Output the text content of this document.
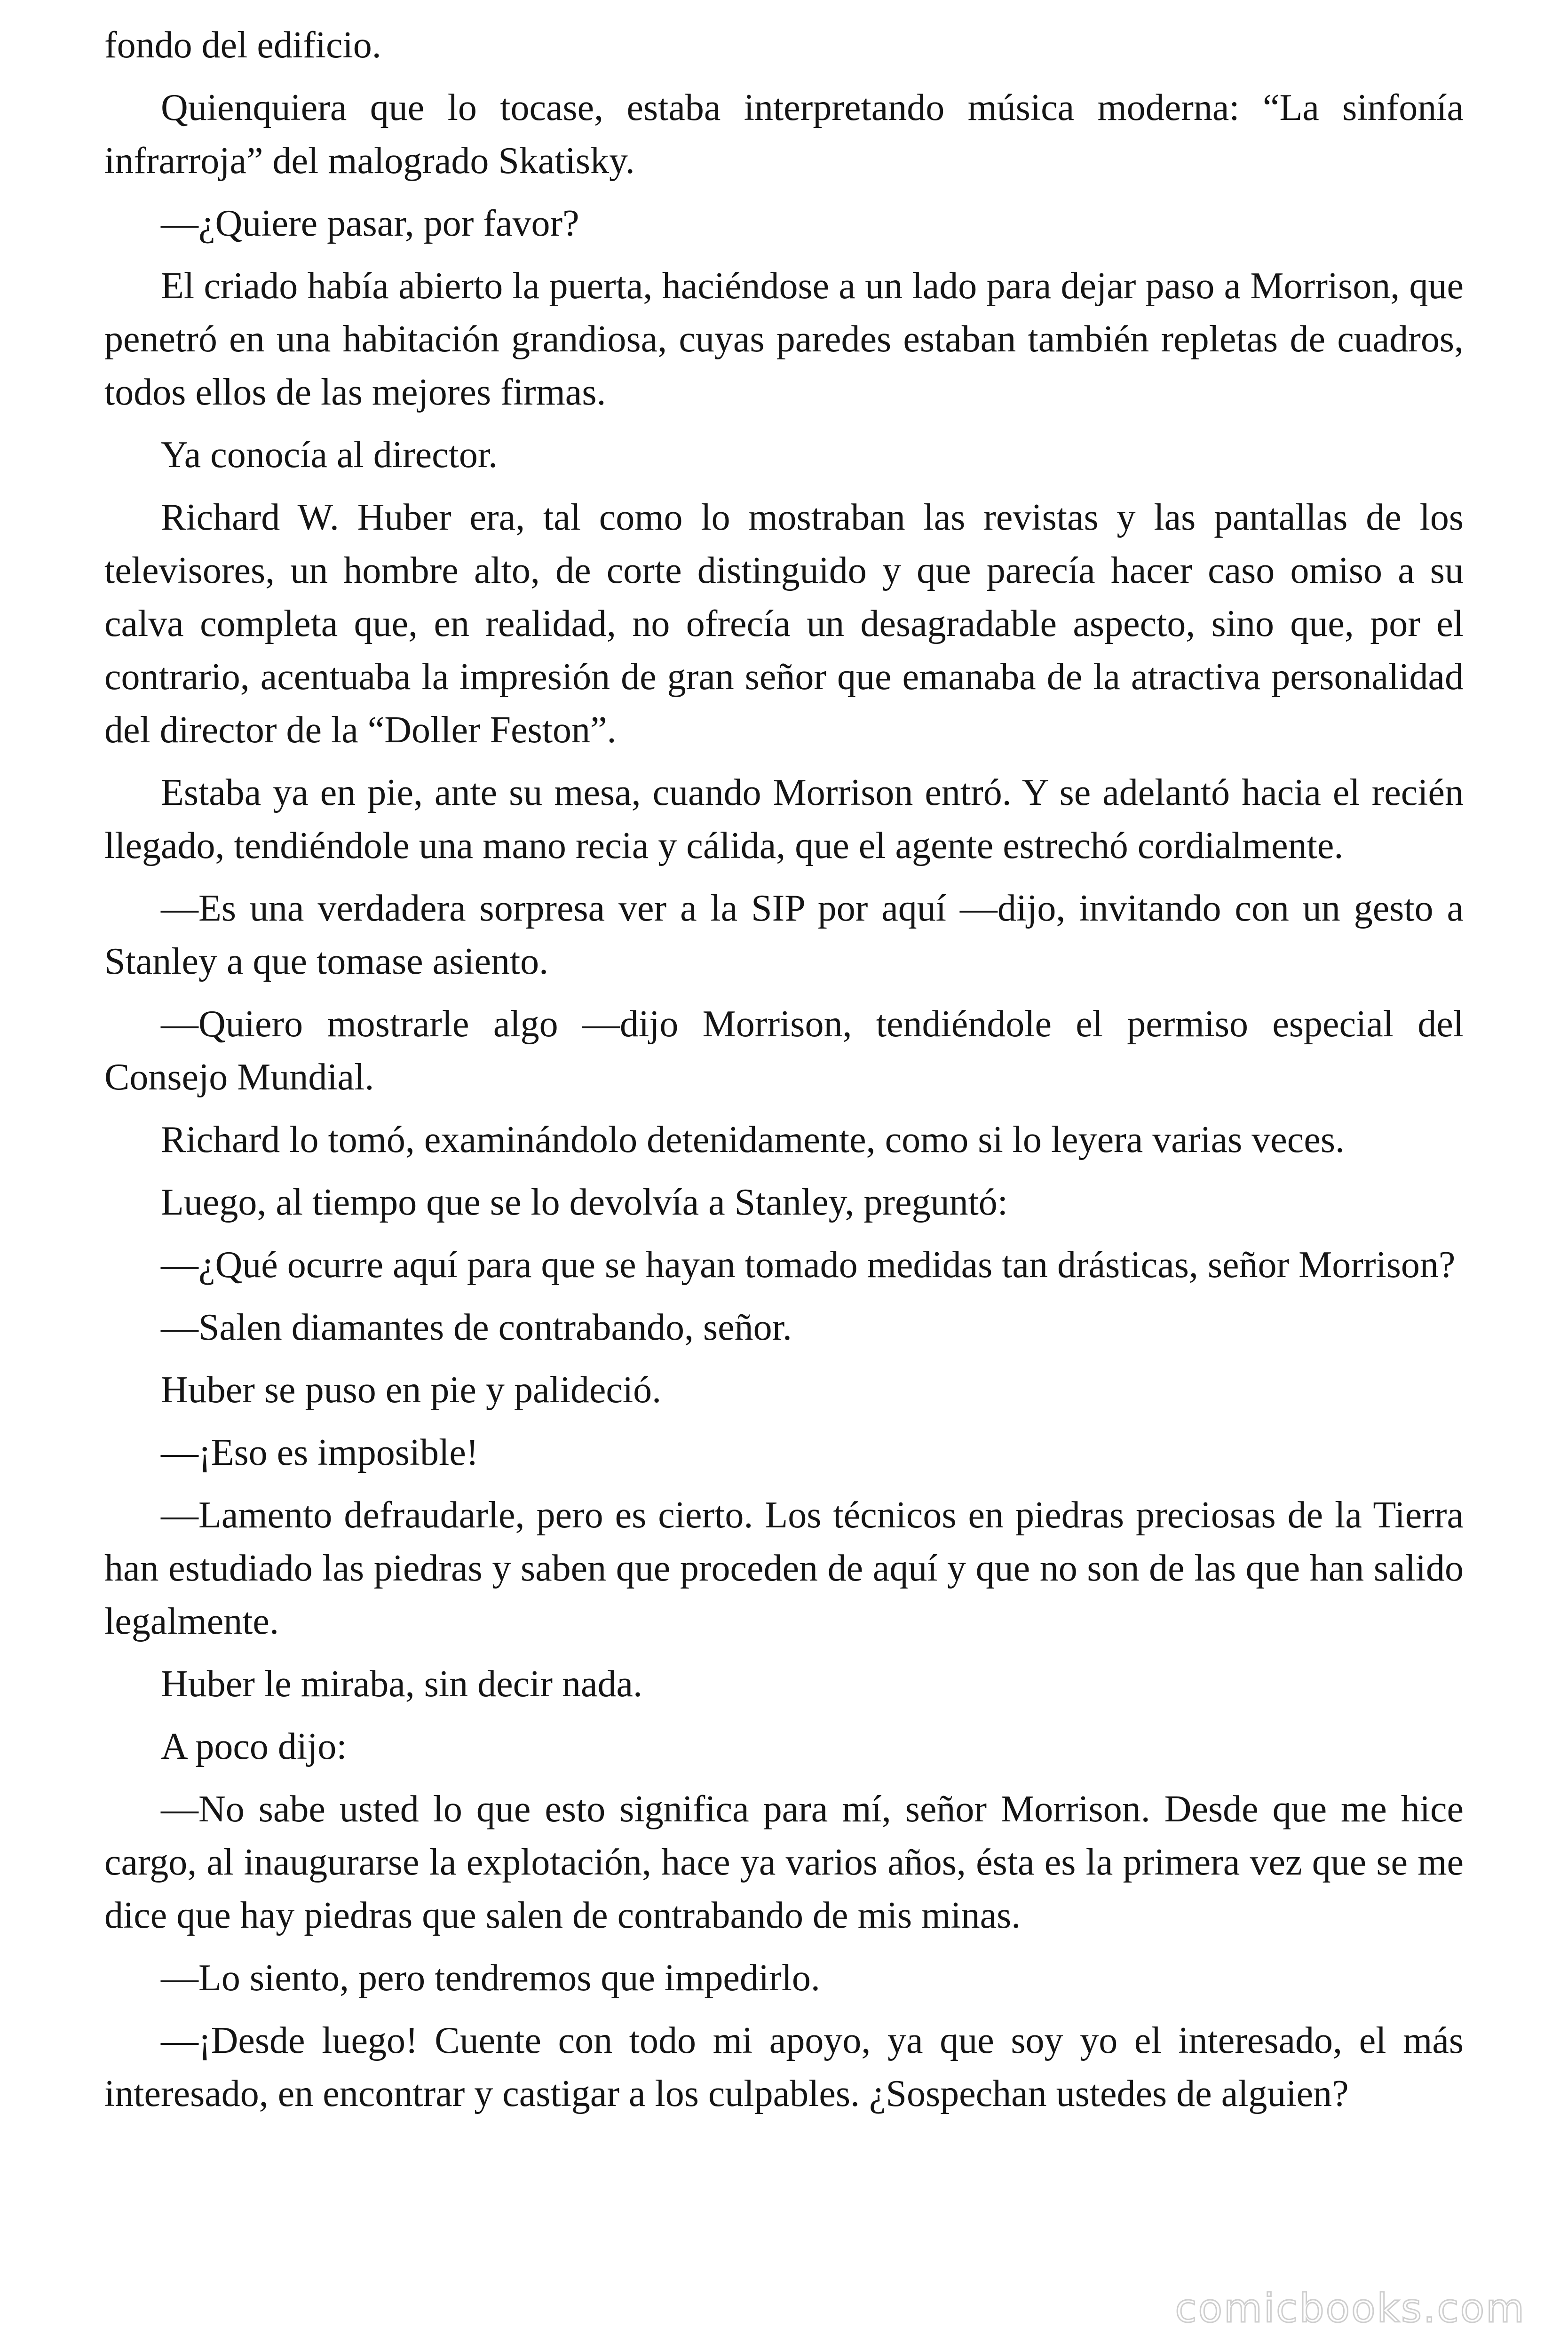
fondo del edificio.

Quienquiera que lo tocase, estaba interpretando música moderna: “La sinfonía infrarroja” del malogrado Skatisky.

—¿Quiere pasar, por favor?

El criado había abierto la puerta, haciéndose a un lado para dejar paso a Morrison, que penetró en una habitación grandiosa, cuyas paredes estaban también repletas de cuadros, todos ellos de las mejores firmas.

Ya conocía al director.

Richard W. Huber era, tal como lo mostraban las revistas y las pantallas de los televisores, un hombre alto, de corte distinguido y que parecía hacer caso omiso a su calva completa que, en realidad, no ofrecía un desagradable aspecto, sino que, por el contrario, acentuaba la impresión de gran señor que emanaba de la atractiva personalidad del director de la “Doller Feston”.

Estaba ya en pie, ante su mesa, cuando Morrison entró. Y se adelantó hacia el recién llegado, tendiéndole una mano recia y cálida, que el agente estrechó cordialmente.

—Es una verdadera sorpresa ver a la SIP por aquí —dijo, invitando con un gesto a Stanley a que tomase asiento.

—Quiero mostrarle algo —dijo Morrison, tendiéndole el permiso especial del Consejo Mundial.

Richard lo tomó, examinándolo detenidamente, como si lo leyera varias veces.

Luego, al tiempo que se lo devolvía a Stanley, preguntó:

—¿Qué ocurre aquí para que se hayan tomado medidas tan drásticas, señor Morrison?

—Salen diamantes de contrabando, señor.

Huber se puso en pie y palideció.

—¡Eso es imposible!

—Lamento defraudarle, pero es cierto. Los técnicos en piedras preciosas de la Tierra han estudiado las piedras y saben que proceden de aquí y que no son de las que han salido legalmente.

Huber le miraba, sin decir nada.

A poco dijo:

—No sabe usted lo que esto significa para mí, señor Morrison. Desde que me hice cargo, al inaugurarse la explotación, hace ya varios años, ésta es la primera vez que se me dice que hay piedras que salen de contrabando de mis minas.

—Lo siento, pero tendremos que impedirlo.

—¡Desde luego! Cuente con todo mi apoyo, ya que soy yo el interesado, el más interesado, en encontrar y castigar a los culpables. ¿Sospechan ustedes de alguien?

comicbooks.com
